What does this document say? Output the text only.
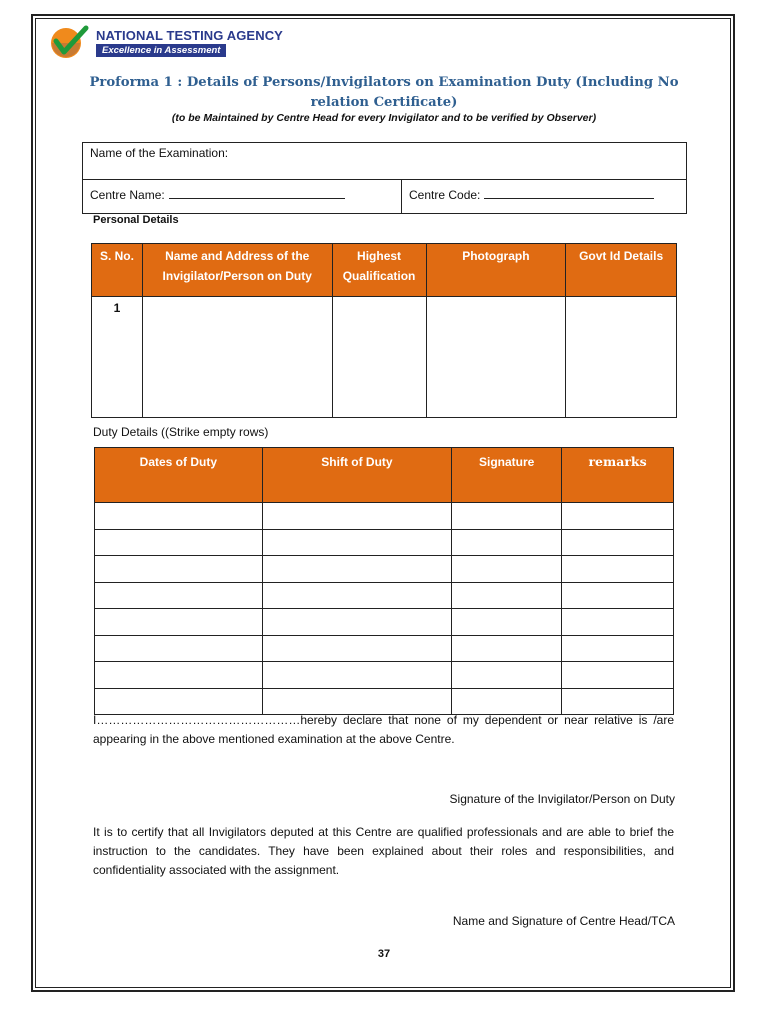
NATIONAL TESTING AGENCY
Excellence in Assessment
Proforma 1 : Details of Persons/Invigilators on Examination Duty (Including No relation Certificate)
(to be Maintained by Centre Head for every Invigilator and to be verified by Observer)
Name of the Examination:
Centre Name:	Centre Code:
Personal Details
S. No.	Name and Address of the Invigilator/Person on Duty	Highest Qualification	Photograph	Govt Id Details
1				
Duty Details ((Strike empty rows)
Dates of Duty	Shift of Duty	Signature	remarks

I……………………………………………hereby declare that none of my dependent or near relative is /are appearing in the above mentioned examination at the above Centre.
Signature of the Invigilator/Person on Duty
It is to certify that all Invigilators deputed at this Centre are qualified professionals and are able to brief the instruction to the candidates. They have been explained about their roles and responsibilities, and confidentiality associated with the assignment.
Name and Signature of Centre Head/TCA
37
